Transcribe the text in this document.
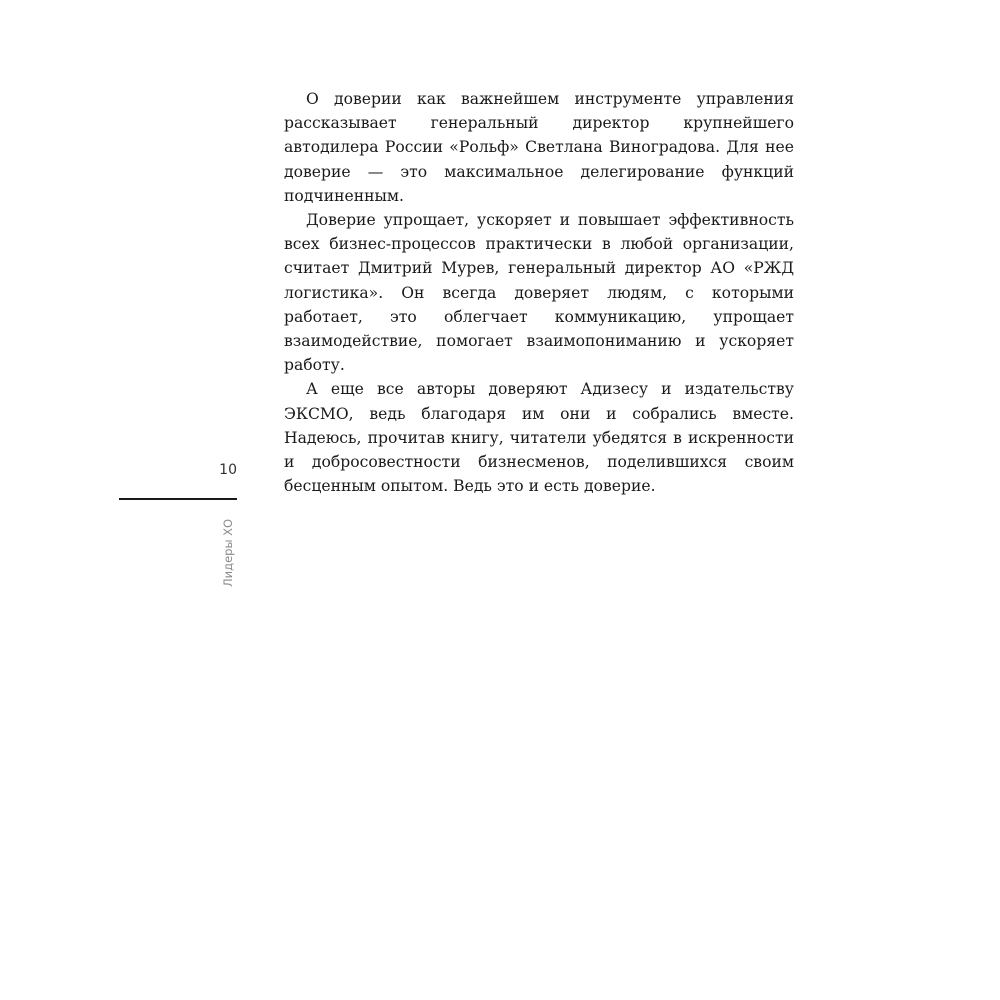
О доверии как важнейшем инструменте управления рассказывает генеральный директор крупнейшего автодилера России «Рольф» Светлана Виноградова. Для нее доверие — это максимальное делегирование функций подчиненным.

Доверие упрощает, ускоряет и повышает эффективность всех бизнес-процессов практически в любой организации, считает Дмитрий Мурев, генеральный директор АО «РЖД логистика». Он всегда доверяет людям, с которыми работает, это облегчает коммуникацию, упрощает взаимодействие, помогает взаимопониманию и ускоряет работу.

А еще все авторы доверяют Адизесу и издательству ЭКСМО, ведь благодаря им они и собрались вместе. Надеюсь, прочитав книгу, читатели убедятся в искренности и добросовестности бизнесменов, поделившихся своим бесценным опытом. Ведь это и есть доверие.

10
Лидеры ХО
